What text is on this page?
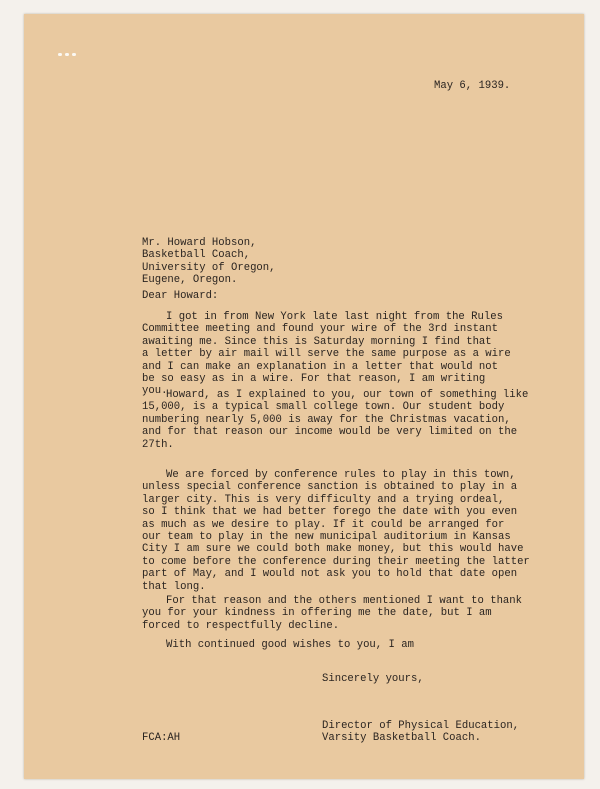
May 6, 1939.
Mr. Howard Hobson,
Basketball Coach,
University of Oregon,
Eugene, Oregon.
Dear Howard:
I got in from New York late last night from the Rules
Committee meeting and found your wire of the 3rd instant
awaiting me. Since this is Saturday morning I find that
a letter by air mail will serve the same purpose as a wire
and I can make an explanation in a letter that would not
be so easy as in a wire. For that reason, I am writing
you.
Howard, as I explained to you, our town of something like
15,000, is a typical small college town. Our student body
numbering nearly 5,000 is away for the Christmas vacation,
and for that reason our income would be very limited on the
27th.
We are forced by conference rules to play in this town,
unless special conference sanction is obtained to play in a
larger city. This is very difficulty and a trying ordeal,
so I think that we had better forego the date with you even
as much as we desire to play. If it could be arranged for
our team to play in the new municipal auditorium in Kansas
City I am sure we could both make money, but this would have
to come before the conference during their meeting the latter
part of May, and I would not ask you to hold that date open
that long.
For that reason and the others mentioned I want to thank
you for your kindness in offering me the date, but I am
forced to respectfully decline.
With continued good wishes to you, I am
Sincerely yours,
Director of Physical Education,
Varsity Basketball Coach.
FCA:AH
